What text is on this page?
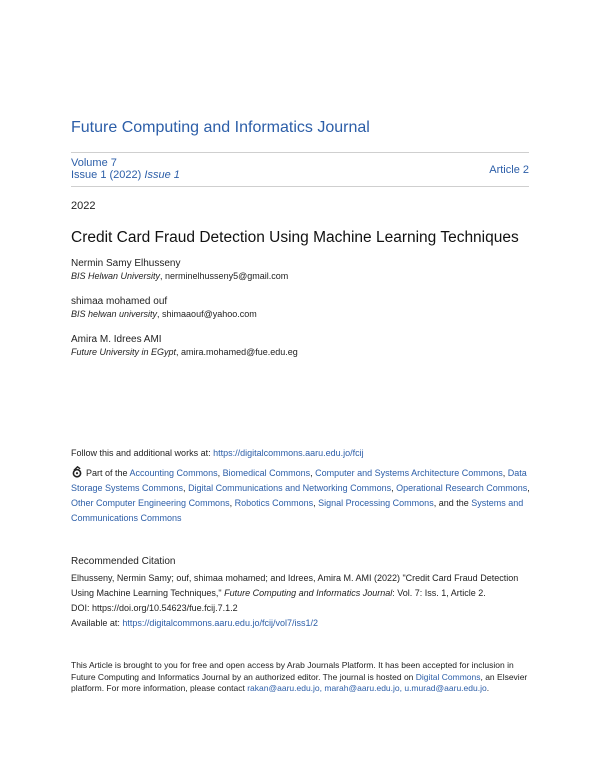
Future Computing and Informatics Journal
Volume 7
Issue 1 (2022) Issue 1	Article 2
2022
Credit Card Fraud Detection Using Machine Learning Techniques
Nermin Samy Elhusseny
BIS Helwan University, nerminelhusseny5@gmail.com
shimaa mohamed ouf
BIS helwan university, shimaaouf@yahoo.com
Amira M. Idrees AMI
Future University in EGypt, amira.mohamed@fue.edu.eg
Follow this and additional works at: https://digitalcommons.aaru.edu.jo/fcij
Part of the Accounting Commons, Biomedical Commons, Computer and Systems Architecture Commons, Data Storage Systems Commons, Digital Communications and Networking Commons, Operational Research Commons, Other Computer Engineering Commons, Robotics Commons, Signal Processing Commons, and the Systems and Communications Commons
Recommended Citation
Elhusseny, Nermin Samy; ouf, shimaa mohamed; and Idrees, Amira M. AMI (2022) "Credit Card Fraud Detection Using Machine Learning Techniques," Future Computing and Informatics Journal: Vol. 7: Iss. 1, Article 2.
DOI: https://doi.org/10.54623/fue.fcij.7.1.2
Available at: https://digitalcommons.aaru.edu.jo/fcij/vol7/iss1/2
This Article is brought to you for free and open access by Arab Journals Platform. It has been accepted for inclusion in Future Computing and Informatics Journal by an authorized editor. The journal is hosted on Digital Commons, an Elsevier platform. For more information, please contact rakan@aaru.edu.jo, marah@aaru.edu.jo, u.murad@aaru.edu.jo.
